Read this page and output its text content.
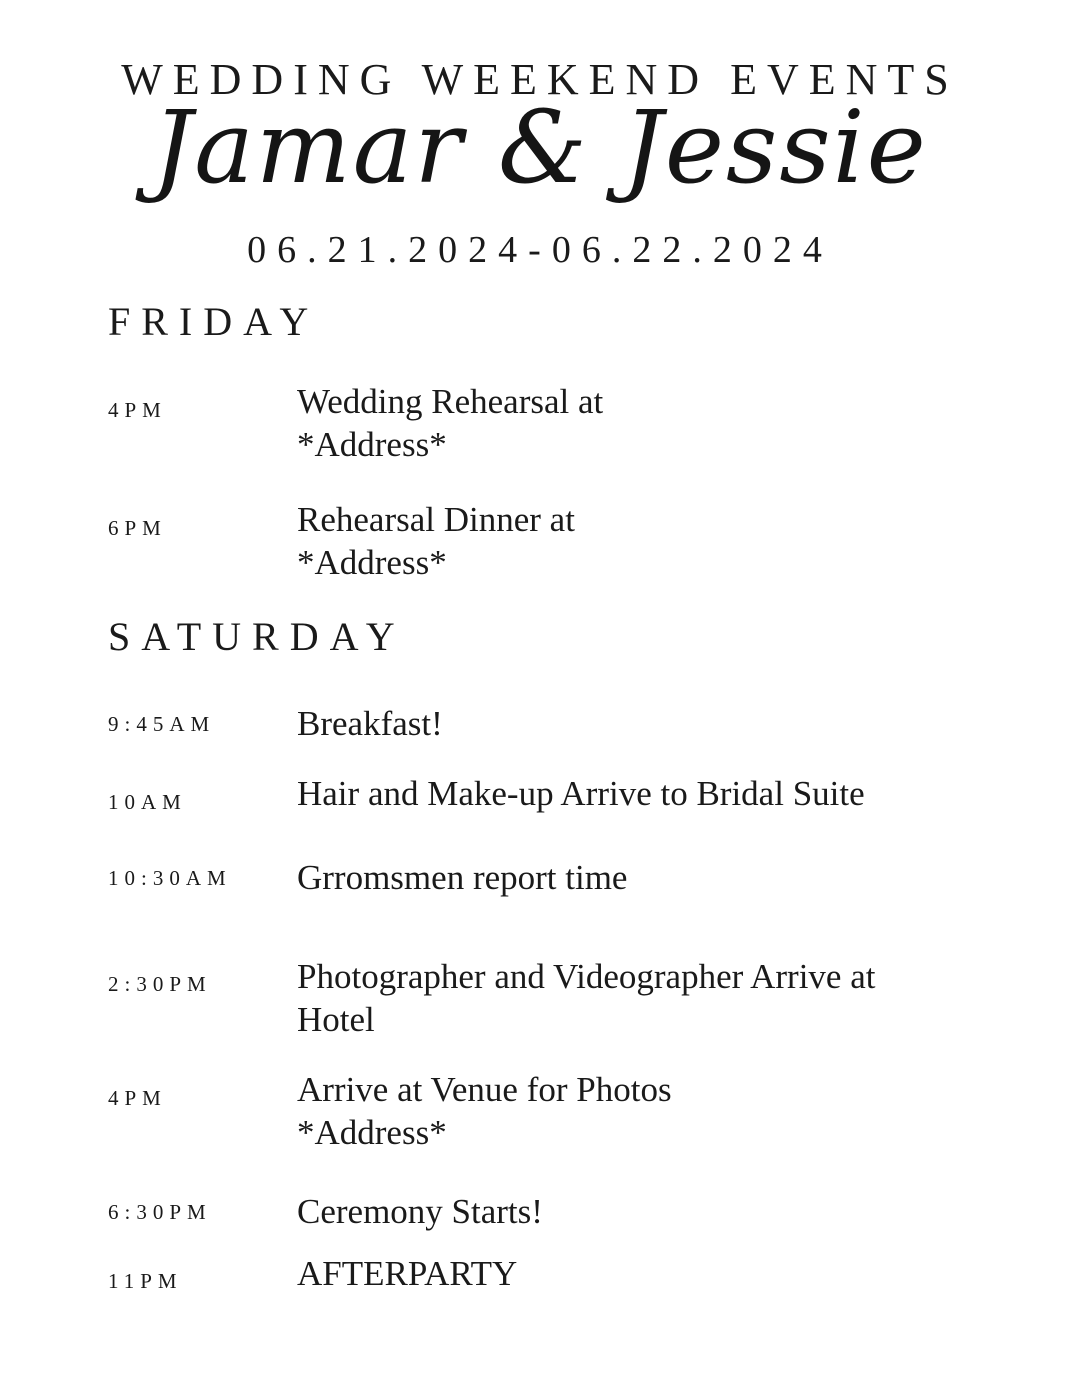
WEDDING WEEKEND EVENTS
Jamar & Jessie
06.21.2024-06.22.2024
FRIDAY
4PM	Wedding Rehearsal at
*Address*
6PM	Rehearsal Dinner at
*Address*
SATURDAY
9:45AM Breakfast!
10AM	Hair and Make-up Arrive to Bridal Suite
10:30AM Grromsmen report time
2:30PM Photographer and Videographer Arrive at
Hotel
4PM	Arrive at Venue for Photos
*Address*
6:30PM Ceremony Starts!
11PM	AFTERPARTY
